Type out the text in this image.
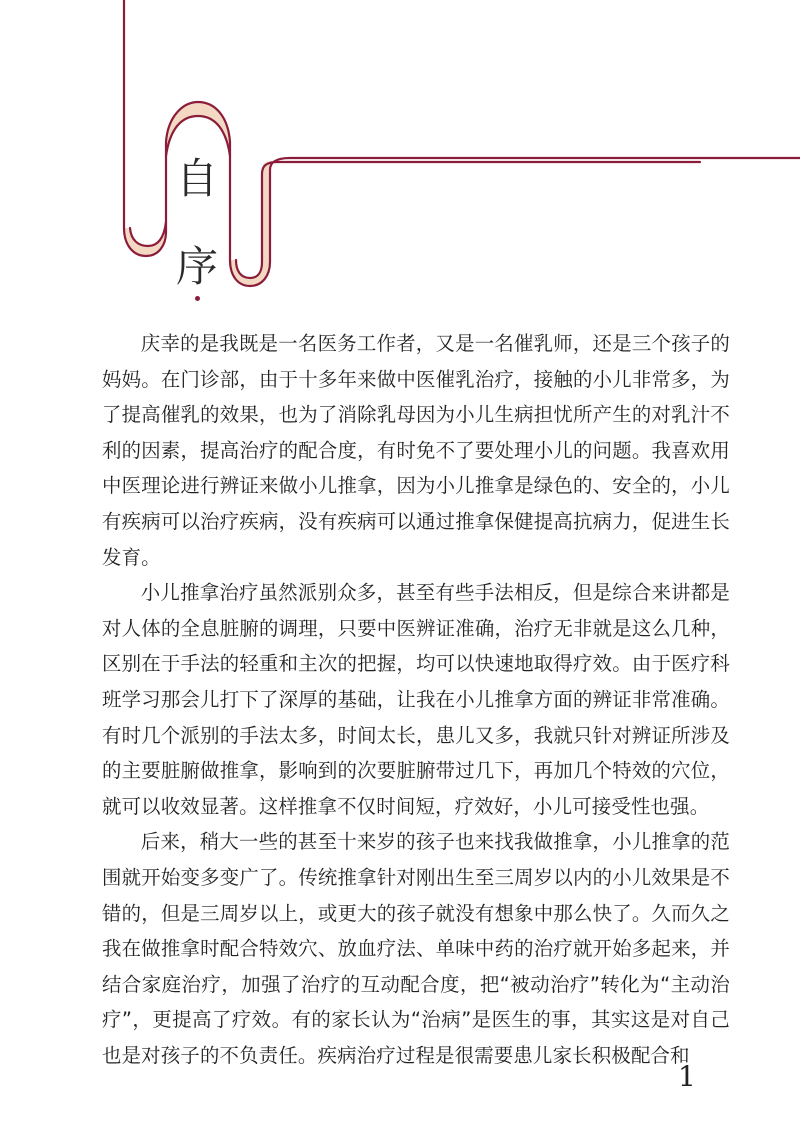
自
序

庆幸的是我既是一名医务工作者，又是一名催乳师，还是三个孩子的妈妈。在门诊部，由于十多年来做中医催乳治疗，接触的小儿非常多，为了提高催乳的效果，也为了消除乳母因为小儿生病担忧所产生的对乳汁不利的因素，提高治疗的配合度，有时免不了要处理小儿的问题。我喜欢用中医理论进行辨证来做小儿推拿，因为小儿推拿是绿色的、安全的，小儿有疾病可以治疗疾病，没有疾病可以通过推拿保健提高抗病力，促进生长发育。

小儿推拿治疗虽然派别众多，甚至有些手法相反，但是综合来讲都是对人体的全息脏腑的调理，只要中医辨证准确，治疗无非就是这么几种，区别在于手法的轻重和主次的把握，均可以快速地取得疗效。由于医疗科班学习那会儿打下了深厚的基础，让我在小儿推拿方面的辨证非常准确。有时几个派别的手法太多，时间太长，患儿又多，我就只针对辨证所涉及的主要脏腑做推拿，影响到的次要脏腑带过几下，再加几个特效的穴位，就可以收效显著。这样推拿不仅时间短，疗效好，小儿可接受性也强。

后来，稍大一些的甚至十来岁的孩子也来找我做推拿，小儿推拿的范围就开始变多变广了。传统推拿针对刚出生至三周岁以内的小儿效果是不错的，但是三周岁以上，或更大的孩子就没有想象中那么快了。久而久之我在做推拿时配合特效穴、放血疗法、单味中药的治疗就开始多起来，并结合家庭治疗，加强了治疗的互动配合度，把“被动治疗”转化为“主动治疗”，更提高了疗效。有的家长认为“治病”是医生的事，其实这是对自己也是对孩子的不负责任。疾病治疗过程是很需要患儿家长积极配合和

1
